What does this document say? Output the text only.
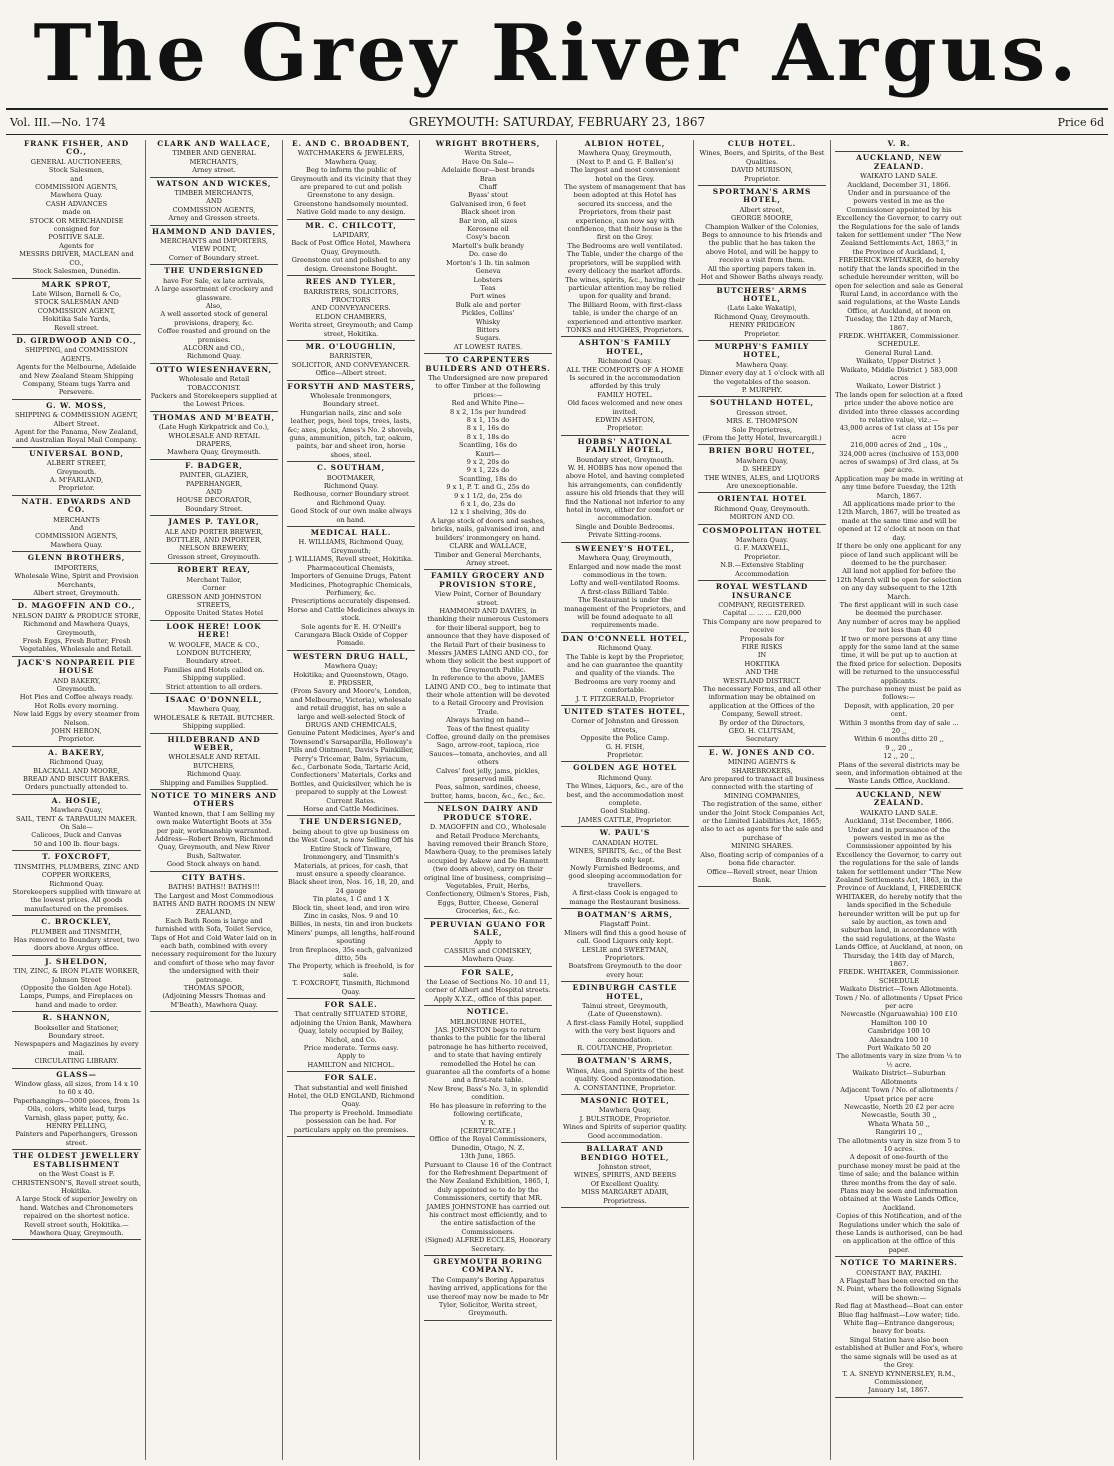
The Grey River Argus.
Vol. III.—No. 174	GREYMOUTH: SATURDAY, FEBRUARY 23, 1867	Price 6d
FRANK FISHER, AND CO.,
GENERAL AUCTIONEERS,
Stock Salesmen,
and
COMMISSION AGENTS,
Mawhera Quay.
CASH ADVANCES
made on
STOCK OR MERCHANDISE
consigned for
POSITIVE SALE.
Agents for
MESSRS DRIVER, MACLEAN and CO.,
Stock Salesmen, Dunedin.
MARK SPROT,
Late Wilson, Barnell & Co,
STOCK SALESMAN AND COMMISSION AGENT,
Hokitika Sale Yards,
Revell street.
D. GIRDWOOD AND CO.,
SHIPPING, and COMMISSION AGENTS.
Agents for the Melbourne, Adelaide and New Zealand Steam Shipping Company, Steam tugs Yarra and Persevere.
G. W. MOSS,
SHIPPING & COMMISSION AGENT,
Albert Street.
Agent for the Panama, New Zealand, and Australian Royal Mail Company.
UNIVERSAL BOND,
ALBERT STREET,
Greymouth.
A. M'FARLAND,
Proprietor.
NATH. EDWARDS AND CO.
MERCHANTS
And
COMMISSION AGENTS,
Mawhera Quay.
GLENN BROTHERS,
IMPORTERS,
Wholesale Wine, Spirit and Provision Merchants,
Albert street, Greymouth.
D. MAGOFFIN AND CO.,
NELSON DAIRY & PRODUCE STORE,
Richmond and Mawhera Quays, Greymouth,
Fresh Eggs, Fresh Butter, Fresh Vegetables, Wholesale and Retail.
JACK'S NONPAREIL PIE HOUSE
AND BAKERY,
Greymouth.
Hot Pies and Coffee always ready.
Hot Rolls every morning.
New laid Eggs by every steamer from Nelson.
JOHN HERON,
Proprietor.
A. BAKERY,
Richmond Quay,
BLACKALL AND MOORE,
BREAD AND BISCUIT BAKERS.
Orders punctually attended to.
A. HOSIE,
Mawhera Quay,
SAIL, TENT & TARPAULIN MAKER.
On Sale—
Calicoes, Duck and Canvas
50 and 100 lb. flour bags.
T. FOXCROFT,
TINSMITHS, PLUMBERS, ZINC AND COPPER WORKERS,
Richmond Quay.
Storekeepers supplied with tinware at the lowest prices. All goods manufactured on the premises.
C. BROCKLEY,
PLUMBER and TINSMITH,
Has removed to Boundary street, two doors above Argus office.
J. SHELDON,
TIN, ZINC, & IRON PLATE WORKER,
Johnson Street
(Opposite the Golden Age Hotel).
Lamps, Pumps, and Fireplaces on hand and made to order.
R. SHANNON,
Bookseller and Stationer,
Boundary street.
Newspapers and Magazines by every mail.
CIRCULATING LIBRARY.
GLASS—
Window glass, all sizes, from 14 x 10 to 60 x 40.
Paperhangings—5000 pieces, from 1s
Oils, colors, white lead, turps
Varnish, glass paper, putty, &c.
HENRY PELLING,
Painters and Paperhangers, Gresson street.
THE OLDEST JEWELLERY ESTABLISHMENT
on the West Coast is F. CHRISTENSON'S, Revell street south, Hokitika.
A large Stock of superior Jewelry on hand. Watches and Chronometers repaired on the shortest notice.
Revell street south, Hokitika.—Mawhera Quay, Greymouth.
CLARK AND WALLACE,
TIMBER AND GENERAL
MERCHANTS,
Arney street.
WATSON AND WICKES,
TIMBER MERCHANTS,
AND
COMMISSION AGENTS,
Arney and Gresson streets.
HAMMOND AND DAVIES,
MERCHANTS and IMPORTERS,
VIEW POINT,
Corner of Boundary street.
THE UNDERSIGNED
have For Sale, ex late arrivals,
A large assortment of crockery and glassware.
Also,
A well assorted stock of general provisions, drapery, &c.
Coffee roasted and ground on the premises.
ALCORN and CO.,
Richmond Quay.
OTTO WIESENHAVERN,
Wholesale and Retail
TOBACCONIST.
Packers and Storekeepers supplied at the Lowest Prices.
THOMAS AND M'BEATH,
(Late Hugh Kirkpatrick and Co.),
WHOLESALE AND RETAIL DRAPERS,
Mawhera Quay, Greymouth.
F. BADGER,
PAINTER, GLAZIER,
PAPERHANGER,
AND
HOUSE DECORATOR,
Boundary Street.
JAMES P. TAYLOR,
ALE AND PORTER BREWER,
BOTTLER, AND IMPORTER,
NELSON BREWERY,
Gresson street, Greymouth.
ROBERT REAY,
Merchant Tailor,
Corner
GRESSON AND JOHNSTON STREETS,
Opposite United States Hotel
LOOK HERE! LOOK HERE!
W. WOOLFE, MACE & CO.,
LONDON BUTCHERY,
Boundary street.
Families and Hotels called on.
Shipping supplied.
Strict attention to all orders.
ISAAC O'DONNELL,
Mawhera Quay,
WHOLESALE & RETAIL BUTCHER.
Shipping supplied.
HILDEBRAND AND WEBER,
WHOLESALE AND RETAIL
BUTCHERS,
Richmond Quay.
Shipping and Families Supplied.
NOTICE TO MINERS AND OTHERS
Wanted known, that I am Selling my own make Watertight Boots at 35s per pair, workmanship warranted. Address—Robert Brown, Richmond Quay, Greymouth, and New River Bush, Saltwater.
Good Stock always on hand.
CITY BATHS.
BATHS! BATHS!! BATHS!!!
The Largest and Most Commodious
BATHS AND BATH ROOMS IN NEW ZEALAND,
Each Bath Room is large and furnished with Sofa, Toilet Service, Taps of Hot and Cold Water laid on in each bath, combined with every necessary requirement for the luxury and comfort of those who may favor the undersigned with their patronage.
THOMAS SPOOR,
(Adjoining Messrs Thomas and M'Beath), Mawhera Quay.
E. AND C. BROADBENT,
WATCHMAKERS & JEWELERS,
Mawhera Quay,
Beg to inform the public of Greymouth and its vicinity that they are prepared to cut and polish Greenstone to any design.
Greenstone handsomely mounted.
Native Gold made to any design.
MR. C. CHILCOTT,
LAPIDARY,
Back of Post Office Hotel, Mawhera Quay, Greymouth.
Greenstone cut and polished to any design. Greenstone Bought.
REES AND TYLER,
BARRISTERS, SOLICITORS, PROCTORS
AND CONVEYANCERS.
ELDON CHAMBERS,
Werita street, Greymouth; and Camp street, Hokitika.
MR. O'LOUGHLIN,
BARRISTER,
SOLICITOR, AND CONVEYANCER.
Office—Albert street.
FORSYTH AND MASTERS,
Wholesale Ironmongers,
Boundary street.
Hungarian nails, zinc and sole leather, pegs, heel tops, trees, lasts, &c; axes, picks, Ames's No. 2 shovels, guns, ammunition, pitch, tar, oakum, paints, bar and sheet iron, horse shoes, steel.
C. SOUTHAM,
BOOTMAKER,
Richmond Quay.
Redhouse, corner Boundary street and Richmond Quay.
Good Stock of our own make always on hand.
MEDICAL HALL.
H. WILLIAMS, Richmond Quay, Greymouth;
J. WILLIAMS, Revell street, Hokitika.
Pharmaceutical Chemists,
Importers of Genuine Drugs, Patent Medicines, Photographic Chemicals, Perfumery, &c.
Prescriptions accurately dispensed.
Horse and Cattle Medicines always in stock.
Sole agents for E. H. O'Neill's Carangara Black Oxide of Copper Pomade.
WESTERN DRUG HALL,
Mawhera Quay;
Hokitika; and Queenstown, Otago.
E. PROSSER,
(From Savory and Moore's, London, and Melbourne, Victoria), wholesale and retail druggist, has on sale a large and well-selected Stock of
DRUGS AND CHEMICALS,
Genuine Patent Medicines, Ayer's and Townsend's Sarsaparilla, Holloway's Pills and Ointment, Davis's Painkiller, Perry's Tricemar, Balm, Syriacum, &c., Carbonate Soda, Tartaric Acid, Confectioners' Materials, Corks and Bottles, and Quicksilver, which he is prepared to supply at the Lowest Current Rates.
Horse and Cattle Medicines.
THE UNDERSIGNED,
being about to give up business on the West Coast, is now Selling Off his Entire Stock of Tinware, Ironmongery, and Tinsmith's Materials, at prices, for cash, that must ensure a speedy clearance.
Black sheet iron, Nos. 16, 18, 20, and 24 gauge
Tin plates, 1 C and 1 X
Block tin, sheet lead, and iron wire
Zinc in casks, Nos. 9 and 10
Billies, in nests, tin and iron buckets
Miners' pumps, all lengths, half-round spouting
Iron fireplaces, 35s each, galvanized ditto, 50s
The Property, which is freehold, is for sale.
T. FOXCROFT, Tinsmith, Richmond Quay.
FOR SALE.
That centrally SITUATED STORE, adjoining the Union Bank, Mawhera Quay, lately occupied by Bailey, Nichol, and Co.
Price moderate. Terms easy.
Apply to
HAMILTON and NICHOL.
FOR SALE.
That substantial and well finished Hotel, the OLD ENGLAND, Richmond Quay.
The property is Freehold. Immediate possession can be had. For particulars apply on the premises.
WRIGHT BROTHERS,
Werita Street,
Have On Sale—
Adelaide flour—best brands
Bran
Chaff
Byass' stout
Galvanised iron, 6 feet
Black sheet iron
Bar iron, all sizes
Kerosene oil
Cosy's bacon
Martell's bulk brandy
Do. case do
Morton's 1 lb. tin salmon
Geneva
Lobsters
Teas
Port wines
Bulk ale and porter
Pickles, Collins'
Whisky
Bitters
Sugars.
AT LOWEST RATES.
TO CARPENTERS BUILDERS AND OTHERS.
The Undersigned are now prepared to offer Timber at the following prices:—
Red and White Pine—
8 x 2, 15s per hundred
8 x 1, 15s do
8 x 1, 16s do
8 x 1, 18s do
Scantling, 16s do
Kauri—
9 x 2, 20s do
9 x 1, 22s do
Scantling, 18s do
9 x 1, P. T. and G., 25s do
9 x 1 1/2, do, 25s do
6 x 1, do, 23s do
12 x 1 shelving, 30s do
A large stock of doors and sashes, bricks, nails, galvanised iron, and builders' ironmongery on hand.
CLARK and WALLACE,
Timber and General Merchants,
Arney street.
FAMILY GROCERY AND PROVISION STORE,
View Point, Corner of Boundary street.
HAMMOND AND DAVIES, in thanking their numerous Customers for their liberal support, beg to announce that they have disposed of the Retail Part of their business to Messrs JAMES LAING AND CO., for whom they solicit the best support of the Greymouth Public.
In reference to the above, JAMES LAING AND CO., beg to intimate that their whole attention will be devoted to a Retail Grocery and Provision Trade.
Always having on hand—
Teas of the finest quality
Coffee, ground daily on the premises
Sago, arrow-root, tapioca, rice
Sauces—tomata, anchovies, and all others
Calves' foot jelly, jams, pickles, preserved milk
Peas, salmon, sardines, cheese, butter, hams, bacon, &c., &c., &c.
NELSON DAIRY AND PRODUCE STORE.
D. MAGOFFIN and CO., Wholesale and Retail Produce Merchants, having removed their Branch Store, Mawhera Quay, to the premises lately occupied by Askew and De Hamnett (two doors above), carry on their original line of business, comprising—Vegetables, Fruit, Herbs, Confectionery, Oilmen's Stores, Fish, Eggs, Butter, Cheese, General Groceries, &c., &c.
PERUVIAN GUANO FOR SALE,
Apply to
CASSIUS and COMISKEY,
Mawhera Quay.
FOR SALE,
the Lease of Sections No. 10 and 11, corner of Albert and Hospital streets. Apply X.Y.Z., office of this paper.
NOTICE.
MELBOURNE HOTEL,
JAS. JOHNSTON begs to return thanks to the public for the liberal patronage he has hitherto received, and to state that having entirely remodelled the Hotel he can guarantee all the comforts of a home and a first-rate table.
New Brew, Bass's No. 3, in splendid condition.
He has pleasure in referring to the following certificate,
V. R.
[CERTIFICATE.]
Office of the Royal Commissioners, Dunedin, Otago, N. Z.
13th June, 1865.
Pursuant to Clause 16 of the Contract for the Refreshment Department of the New Zealand Exhibition, 1865, I, duly appointed so to do by the Commissioners, certify that MR. JAMES JOHNSTONE has carried out his contract most efficiently, and to the entire satisfaction of the Commissioners.
(Signed) ALFRED ECCLES, Honorary Secretary.
GREYMOUTH BORING COMPANY.
The Company's Boring Apparatus having arrived, applications for the use thereof may now be made to Mr Tyler, Solicitor, Werita street, Greymouth.
ALBION HOTEL,
Mawhera Quay, Greymouth,
(Next to P. and G. F. Ballen's)
The largest and most convenient hotel on the Grey.
The system of management that has been adopted at this Hotel has secured its success, and the Proprietors, from their past experience, can now say with confidence, that their house is the first on the Grey.
The Bedrooms are well ventilated.
The Table, under the charge of the proprietors, will be supplied with every delicacy the market affords. The wines, spirits, &c., having their particular attention may be relied upon for quality and brand.
The Billiard Room, with first-class table, is under the charge of an experienced and attentive marker.
TONKS and HUGHES, Proprietors.
ASHTON'S FAMILY HOTEL,
Richmond Quay.
ALL THE COMFORTS OF A HOME
Is secured in the accommodation afforded by this truly
FAMILY HOTEL.
Old faces welcomed and new ones invited.
EDWIN ASHTON,
Proprietor.
HOBBS' NATIONAL FAMILY HOTEL,
Boundary street, Greymouth.
W. H. HOBBS has now opened the above Hotel, and having completed his arrangements, can confidently assure his old friends that they will find the National not inferior to any hotel in town, either for comfort or accommodation.
Single and Double Bedrooms.
Private Sitting-rooms.
SWEENEY'S HOTEL,
Mawhera Quay, Greymouth,
Enlarged and now made the most commodious in the town.
Lofty and well-ventilated Rooms.
A first-class Billiard Table.
The Restaurant is under the management of the Proprietors, and will be found adequate to all requirements made.
DAN O'CONNELL HOTEL,
Richmond Quay.
The Table is kept by the Proprietor, and he can guarantee the quantity and quality of the viands. The Bedrooms are very roomy and comfortable.
J. T. FITZGERALD, Proprietor
UNITED STATES HOTEL,
Corner of Johnston and Gresson streets,
Opposite the Police Camp.
G. H. FISH,
Proprietor.
GOLDEN AGE HOTEL
Richmond Quay.
The Wines, Liquors, &c., are of the best, and the accommodation most complete.
Good Stabling.
JAMES CATTLE, Proprietor.
W. PAUL'S
CANADIAN HOTEL
WINES, SPIRITS, &c., of the Best Brands only kept.
Newly Furnished Bedrooms, and good sleeping accommodation for travellers.
A first-class Cook is engaged to manage the Restaurant business.
BOATMAN'S ARMS,
Flagstaff Point.
Miners will find this a good house of call. Good Liquors only kept.
LESLIE and SWEETMAN, Proprietors.
Boatsfrom Greymouth to the door every hour.
EDINBURGH CASTLE HOTEL,
Tainui street, Greymouth,
(Late of Queenstown).
A first-class Family Hotel, supplied with the very best liquors and accommodation.
R. COUTANCHE, Proprietor.
BOATMAN'S ARMS,
Wines, Ales, and Spirits of the best quality. Good accommodation.
A. CONSTANTINE, Proprietor.
MASONIC HOTEL,
Mawhera Quay,
J. BULSTRODE, Proprietor.
Wines and Spirits of superior quality. Good accommodation.
BALLARAT AND BENDIGO HOTEL,
Johnston street,
WINES, SPIRITS, AND BEERS
Of Excellent Quality.
MISS MARGARET ADAIR, Proprietress.
CLUB HOTEL.
Wines, Beers, and Spirits, of the Best Qualities.
DAVID MURISON,
Proprietor.
SPORTMAN'S ARMS HOTEL,
Albert street,
GEORGE MOORE,
Champion Walker of the Colonies, Begs to announce to his friends and the public that he has taken the above Hotel, and will be happy to receive a visit from them.
All the sporting papers taken in.
Hot and Shower Baths always ready.
BUTCHERS' ARMS HOTEL,
(Late Lake Wakatip),
Richmond Quay, Greymouth.
HENRY PRIDGEON
Proprietor.
MURPHY'S FAMILY HOTEL,
Mawhera Quay.
Dinner every day at 1 o'clock with all the vegetables of the season.
P. MURPHY.
SOUTHLAND HOTEL,
Gresson street.
MRS. E. THOMPSON
Sole Proprietress,
(From the Jetty Hotel, Invercargill.)
BRIEN BORU HOTEL,
Mawhera Quay,
D. SHEEDY
THE WINES, ALES, and LIQUORS Are unexceptionable.
ORIENTAL HOTEL
Richmond Quay, Greymouth.
MORTON AND CO.
COSMOPOLITAN HOTEL
Mawhera Quay.
G. F. MAXWELL,
Proprietor.
N.B.—Extensive Stabling Accommodation
ROYAL WESTLAND INSURANCE
COMPANY, REGISTERED.
Capital ... ... ... £20,000
This Company are now prepared to receive
Proposals for
FIRE RISKS
IN
HOKITIKA
AND THE
WESTLAND DISTRICT.
The necessary Forms, and all other information may be obtained on application at the Offices of the Company, Sewell street.
By order of the Directors,
GEO. H. CLUTSAM,
Secretary
E. W. JONES AND CO.
MINING AGENTS & SHAREBROKERS,
Are prepared to transact all business connected with the starting of
MINING COMPANIES,
The registration of the same, either under the Joint Stock Companies Act, or the Limited Liabilities Act, 1865; also to act as agents for the sale and purchase of
MINING SHARES.
Also, floating scrip of companies of a bona fide character.
Office—Revell street, near Union Bank.
V. R.
AUCKLAND, NEW ZEALAND.
WAIKATO LAND SALE.
Auckland, December 31, 1866.
Under and in pursuance of the powers vested in me as the Commissioner appointed by his Excellency the Governor, to carry out the Regulations for the sale of lands taken for settlement under "The New Zealand Settlements Act, 1863," in the Province of Auckland, I, FREDERICK WHITAKER, do hereby notify that the lands specified in the schedule hereunder written, will be open for selection and sale as General Rural Land, in accordance with the said regulations, at the Waste Lands Office, at Auckland, at noon on Tuesday, the 12th day of March, 1867.
FREDK. WHITAKER, Commissioner.
SCHEDULE.
General Rural Land.
Waikato, Upper District }
Waikato, Middle District } 583,000 acres
Waikato, Lower District }
The lands open for selection at a fixed price under the above notice are divided into three classes according to relative value, viz.:—
43,000 acres of 1st class at 15s per acre
216,000 acres of 2nd ,, 10s ,,
324,000 acres (inclusive of 153,000 acres of swamps) of 3rd class, at 5s per acre.
Application may be made in writing at any time before Tuesday, the 12th March, 1867.
All applications made prior to the 12th March, 1867, will be treated as made at the same time and will be opened at 12 o'clock at noon on that day.
If there be only one applicant for any piece of land such applicant will be deemed to be the purchaser.
All land not applied for before the 12th March will be open for selection on any day subsequent to the 12th March.
The first applicant will in such case be deemed the purchaser.
Any number of acres may be applied for not less than 40
If two or more persons at any time apply for the same land at the same time, it will be put up to auction at the fixed price for selection. Deposits will be returned to the unsuccessful applicants.
The purchase money must be paid as follows:—
Deposit, with application, 20 per cent.
Within 3 months from day of sale ... 20 ,,
Within 6 months ditto 20 ,,
9 ,, 20 ,,
12 ,, 20 ,,
Plans of the several districts may be seen, and information obtained at the Waste Lands Office, Auckland.
AUCKLAND, NEW ZEALAND.
WAIKATO LAND SALE.
Auckland, 31st December, 1866.
Under and in pursuance of the powers vested in me as the Commissioner appointed by his Excellency the Governor, to carry out the regulations for the sale of lands taken for settlement under "The New Zealand Settlements Act, 1863, in the Province of Auckland, I, FREDERICK WHITAKER, do hereby notify that the lands specified in the Schedule hereunder written will be put up for sale by auction, as town and suburban land, in accordance with the said regulations, at the Waste Lands Office, at Auckland, at noon, on Thursday, the 14th day of March, 1867.
FREDK. WHITAKER, Commissioner.
SCHEDULE
Waikato District—Town Allotments.
Town / No. of allotments / Upset Price per acre
Newcastle (Ngaruawahia) 100 £10
Hamilton 100 10
Cambridge 100 10
Alexandra 100 10
Port Waikato 50 20
The allotments vary in size from ¼ to ½ acre.
Waikato District—Suburban Allotments
Adjacent Town / No. of allotments / Upset price per acre
Newcastle, North 20 £2 per acre
Newcastle, South 30 ,,
Whata Whata 50 ,,
Rangiriri 10 ,,
The allotments vary in size from 5 to 10 acres.
A deposit of one-fourth of the purchase money must be paid at the time of sale; and the balance within three months from the day of sale.
Plans may be seen and information obtained at the Waste Lands Office, Auckland.
Copies of this Notification, and of the Regulations under which the sale of these Lands is authorised, can be had on application at the office of this paper.
NOTICE TO MARINERS.
CONSTANT BAY, PAKIHI.
A Flagstaff has been erected on the N. Point, where the following Signals will be shown:—
Red flag at Masthead—Boat can enter
Blue flag halfmast—Low water; tide.
White flag—Entrance dangerous; heavy for boats.
Singal Station have also been established at Buller and Fox's, where the same signals will be used as at the Grey.
T. A. SNEYD KYNNERSLEY, R.M., Commissioner,
January 1st, 1867.
